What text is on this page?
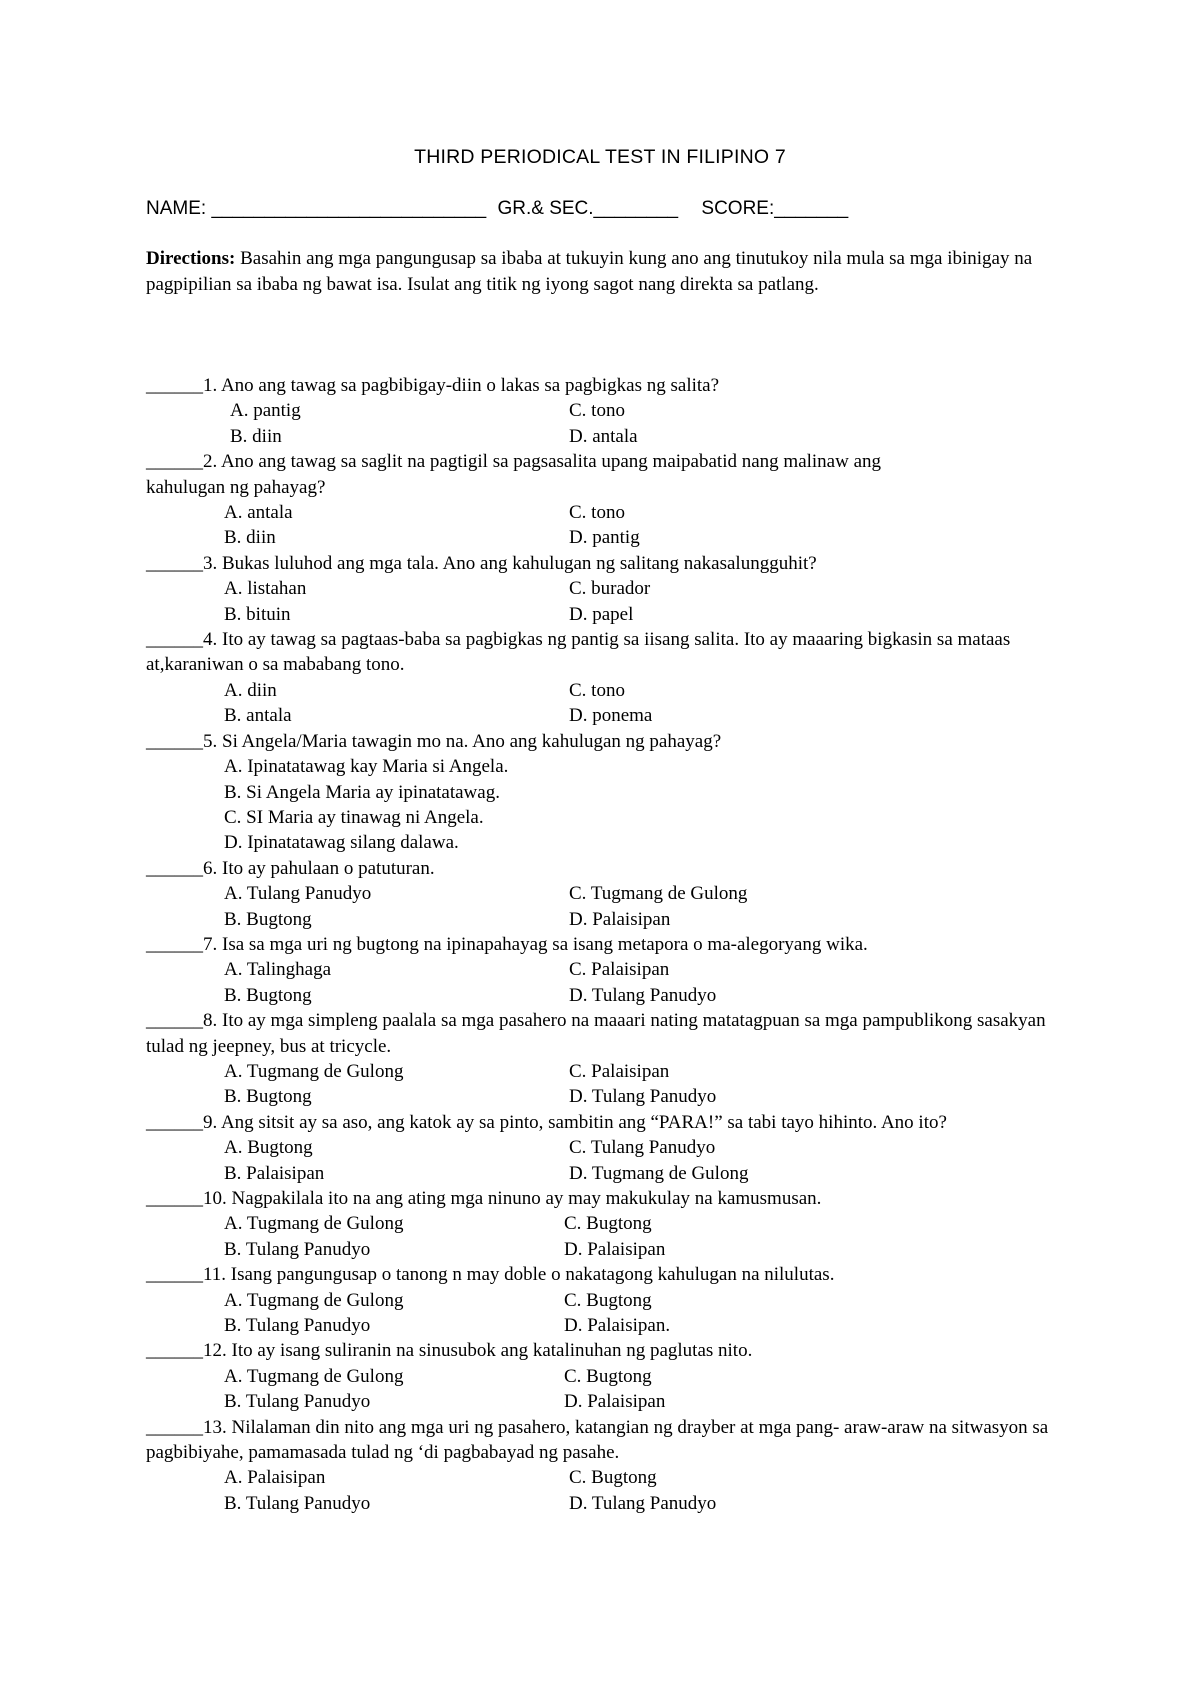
THIRD PERIODICAL TEST IN FILIPINO 7
NAME: __________________________ GR.& SEC.________ SCORE:_______
Directions: Basahin ang mga pangungusap sa ibaba at tukuyin kung ano ang tinutukoy nila mula sa mga ibinigay na pagpipilian sa ibaba ng bawat isa. Isulat ang titik ng iyong sagot nang direkta sa patlang.

______1. Ano ang tawag sa pagbibigay-diin o lakas sa pagbigkas ng salita?

A. pantig	C. tono
B. diin	D. antala

______2. Ano ang tawag sa saglit na pagtigil sa pagsasalita upang maipabatid nang malinaw ang kahulugan ng pahayag?

A. antala	C. tono
B. diin	D. pantig

______3. Bukas luluhod ang mga tala. Ano ang kahulugan ng salitang nakasalungguhit?

A. listahan	C. burador
B. bituin	D. papel

______4. Ito ay tawag sa pagtaas-baba sa pagbigkas ng pantig sa iisang salita. Ito ay maaaring bigkasin sa mataas at,karaniwan o sa mababang tono.

A. diin	C. tono
B. antala	D. ponema

______5. Si Angela/Maria tawagin mo na. Ano ang kahulugan ng pahayag?

A. Ipinatatawag kay Maria si Angela.
B. Si Angela Maria ay ipinatatawag.
C. SI Maria ay tinawag ni Angela.
D. Ipinatatawag silang dalawa.

______6. Ito ay pahulaan o patuturan.

A. Tulang Panudyo	C. Tugmang de Gulong
B. Bugtong	D. Palaisipan

______7. Isa sa mga uri ng bugtong na ipinapahayag sa isang metapora o ma-alegoryang wika.

A. Talinghaga	C. Palaisipan
B. Bugtong	D. Tulang Panudyo

______8. Ito ay mga simpleng paalala sa mga pasahero na maaari nating matatagpuan sa mga pampublikong sasakyan tulad ng jeepney, bus at tricycle.

A. Tugmang de Gulong	C. Palaisipan
B. Bugtong	D. Tulang Panudyo

______9. Ang sitsit ay sa aso, ang katok ay sa pinto, sambitin ang “PARA!” sa tabi tayo hihinto. Ano ito?

A. Bugtong	C. Tulang Panudyo
B. Palaisipan	D. Tugmang de Gulong

______10. Nagpakilala ito na ang ating mga ninuno ay may makukulay na kamusmusan.

A. Tugmang de Gulong	C. Bugtong
B. Tulang Panudyo	D. Palaisipan

______11. Isang pangungusap o tanong n may doble o nakatagong kahulugan na nilulutas.

A. Tugmang de Gulong	C. Bugtong
B. Tulang Panudyo	D. Palaisipan.

______12. Ito ay isang suliranin na sinusubok ang katalinuhan ng paglutas nito.

A. Tugmang de Gulong	C. Bugtong
B. Tulang Panudyo	D. Palaisipan

______13. Nilalaman din nito ang mga uri ng pasahero, katangian ng drayber at mga pang- araw-araw na sitwasyon sa pagbibiyahe, pamamasada tulad ng ‘di pagbabayad ng pasahe.

A. Palaisipan	C. Bugtong
B. Tulang Panudyo	D. Tulang Panudyo
